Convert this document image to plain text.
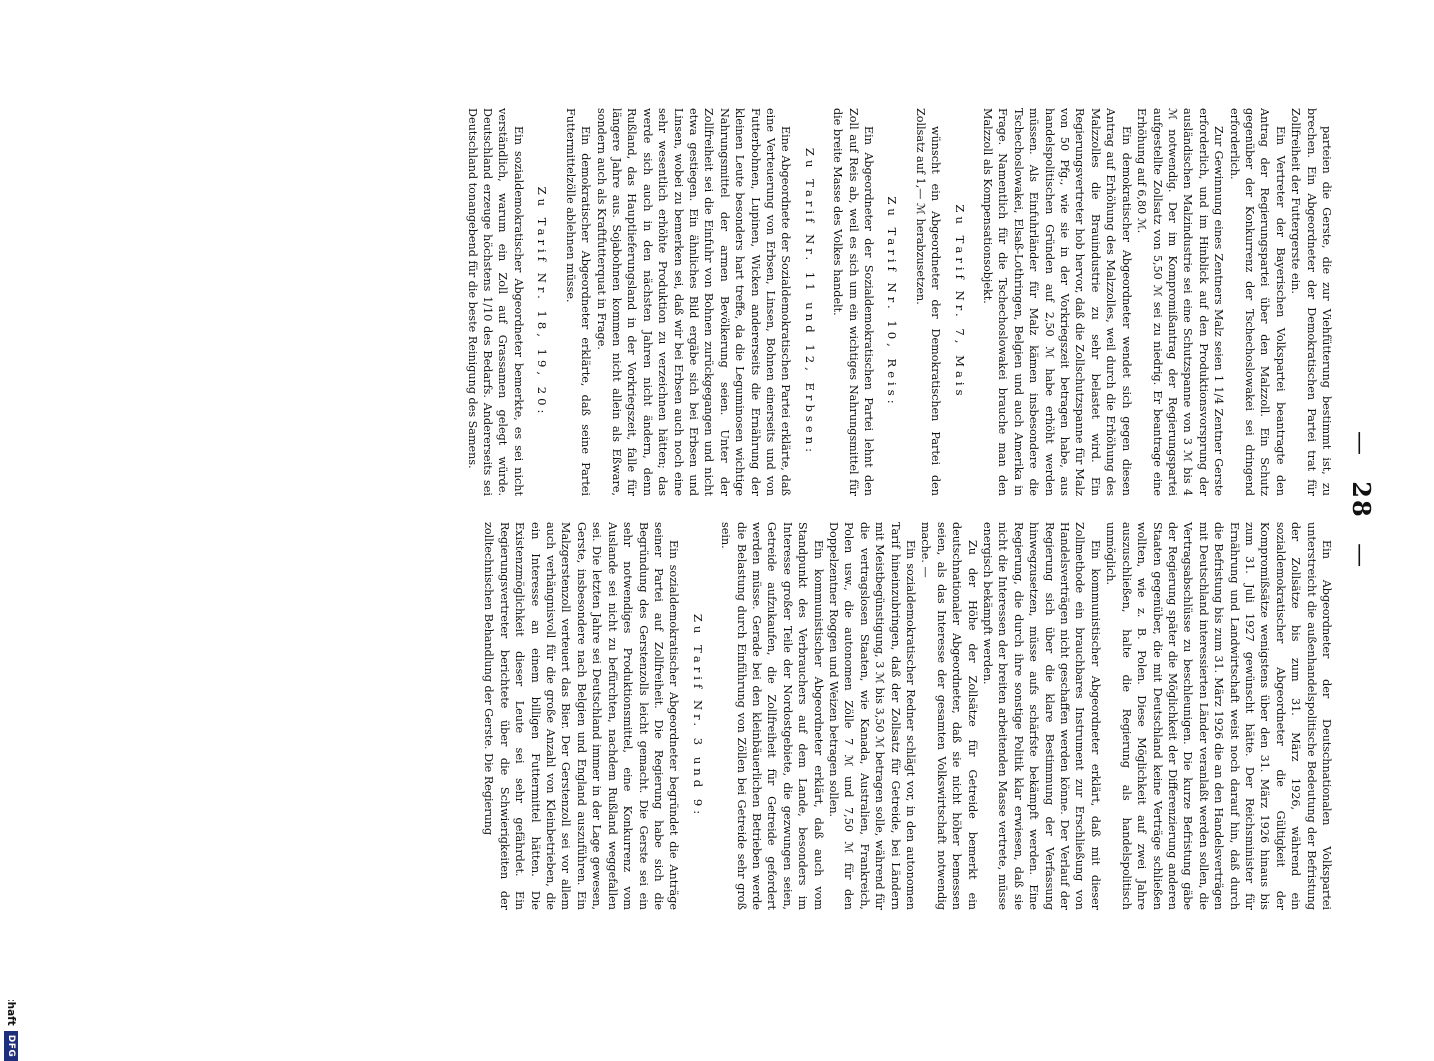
DFG
— 28 —

parteien die Gerste, die zur Viehfütterung bestimmt ist, zu brechen. Ein Abgeordneter der Demokratischen Partei trat für Zollfreiheit der Futtergerste ein.

Ein Vertreter der Bayerischen Volkspartei beantragte den Antrag der Regierungspartei über den Malzzoll. Ein Schutz gegenüber der Konkurrenz der Tschechoslowakei sei dringend erforderlich.

Zur Gewinnung eines Zentners Malz seien 1 1/4 Zentner Gerste erforderlich, und im Hinblick auf den Produktionsvorsprung der ausländischen Malzindustrie sei eine Schutzspanne von 3 ℳ bis 4 ℳ notwendig. Der im Kompromißantrag der Regierungspartei aufgestellte Zollsatz von 5,50 ℳ sei zu niedrig. Er beantrage eine Erhöhung auf 6,80 ℳ.

Ein demokratischer Abgeordneter wendet sich gegen diesen Antrag auf Erhöhung des Malzzolles, weil durch die Erhöhung des Malzzolles die Brauindustrie zu sehr belastet wird. Ein Regierungsvertreter hob hervor, daß die Zollschutzspanne für Malz von 50 Pfg., wie sie in der Vorkriegszeit betragen habe, aus handelspolitischen Gründen auf 2,50 ℳ habe erhöht werden müssen. Als Einfuhrländer für Malz kämen insbesondere die Tschechoslowakei, Elsaß-Lothringen, Belgien und auch Amerika in Frage. Namentlich für die Tschechoslowakei brauche man den Malzzoll als Kompensationsobjekt.

Zu Tarif Nr. 7, Mais

wünscht ein Abgeordneter der Demokratischen Partei den Zollsatz auf 1,— ℳ herabzusetzen.

Zu Tarif Nr. 10, Reis:

Ein Abgeordneter der Sozialdemokratischen Partei lehnt den Zoll auf Reis ab, weil es sich um ein wichtiges Nahrungsmittel für die breite Masse des Volkes handelt.

Zu Tarif Nr. 11 und 12, Erbsen:

Eine Abgeordnete der Sozialdemokratischen Partei erklärte, daß eine Verteuerung von Erbsen, Linsen, Bohnen einerseits und von Futterbohnen, Lupinen, Wicken andererseits die Ernährung der kleinen Leute besonders hart treffe, da die Leguminosen wichtige Nahrungsmittel der armen Bevölkerung seien. Unter der Zollfreiheit sei die Einfuhr von Bohnen zurückgegangen und nicht etwa gestiegen. Ein ähnliches Bild ergäbe sich bei Erbsen und Linsen, wobei zu bemerken sei, daß wir bei Erbsen auch noch eine sehr wesentlich erhöhte Produktion zu verzeichnen hätten; das werde sich auch in den nächsten Jahren nicht ändern, denn Rußland, das Hauptlieferungsland in der Vorkriegszeit, falle für längere Jahre aus. Sojabohnen kommen nicht allein als Eßware, sondern auch als Kraftfutterquat in Frage.

Ein demokratischer Abgeordneter erklärte, daß seine Partei Futtermittelzölle ablehnen müsse.

Zu Tarif Nr. 18, 19, 20:

Ein sozialdemokratischer Abgeordneter bemerkte, es sei nicht verständlich, warum ein Zoll auf Grassamen gelegt würde. Deutschland erzeuge höchstens 1/10 des Bedarfs. Andererseits sei Deutschland tonangebend für die beste Reinigung des Samens.

Ein Abgeordneter der Deutschnationalen Volkspartei unterstreicht die außenhandelspolitische Bedeutung der Befristung der Zollsätze bis zum 31. März 1926, während ein sozialdemokratischer Abgeordneter die Gültigkeit der Kompromißsätze wenigstens über den 31. März 1926 hinaus bis zum 31. Juli 1927 gewünscht hätte. Der Reichsminister für Ernährung und Landwirtschaft weist noch darauf hin, daß durch die Befristung bis zum 31. März 1926 die an den Handelsverträgen mit Deutschland interessierten Länder veranlaßt werden sollen, die Vertragsabschlüsse zu beschleunigen. Die kurze Befristung gäbe der Regierung später die Möglichkeit der Differenzierung anderen Staaten gegenüber, die mit Deutschland keine Verträge schließen wollten, wie z. B. Polen. Diese Möglichkeit auf zwei Jahre auszuschließen, halte die Regierung als handelspolitisch unmöglich.

Ein kommunistischer Abgeordneter erklärt, daß mit dieser Zollmethode ein brauchbares Instrument zur Erschließung von Handelsverträgen nicht geschaffen werden könne. Der Verlauf der Regierung sich über die klare Bestimmung der Verfassung hinwegzusetzen, müsse aufs schärfste bekämpft werden. Eine Regierung, die durch ihre sonstige Politik klar erwiesen, daß sie nicht die Interessen der breiten arbeitenden Masse vertrete, müsse energisch bekämpft werden.

Zu der Höhe der Zollsätze für Getreide bemerkt ein deutschnationaler Abgeordneter, daß sie nicht höher bemessen seien, als das Interesse der gesamten Volkswirtschaft notwendig mache. —

Ein sozialdemokratischer Redner schlägt vor, in den autonomen Tarif hineinzubringen, daß der Zollsatz für Getreide, bei Ländern mit Meistbegünstigung, 3 ℳ bis 3,50 ℳ betragen solle, während für die vertragslosen Staaten, wie Kanada, Australien, Frankreich, Polen usw., die autonomen Zölle 7 ℳ und 7,50 ℳ für den Doppelzentner Roggen und Weizen betragen sollen.

Ein kommunistischer Abgeordneter erklärt, daß auch vom Standpunkt des Verbrauchers auf dem Lande, besonders im Interesse großer Teile der Nordostgebiete, die gezwungen seien, Getreide aufzukaufen, die Zollfreiheit für Getreide gefordert werden müsse. Gerade bei den kleinbäuerlichen Betrieben werde die Belastung durch Einführung von Zöllen bei Getreide sehr groß sein.

Zu Tarif Nr. 3 und 9:

Ein sozialdemokratischer Abgeordneter begründet die Anträge seiner Partei auf Zollfreiheit. Die Regierung habe sich die Begründung des Gerstenzolls leicht gemacht. Die Gerste sei ein sehr notwendiges Produktionsmittel, eine Konkurrenz vom Auslande sei nicht zu befürchten, nachdem Rußland weggefallen sei. Die letzten Jahre sei Deutschland immer in der Lage gewesen, Gerste, insbesondere nach Belgien und England auszuführen. Ein Malzgerstenzoll verteuert das Bier. Der Gerstenzoll sei vor allem auch verhängnisvoll für die große Anzahl von Kleinbetrieben, die ein Interesse an einem billigen Futtermittel hätten. Die Existenzmöglichkeit dieser Leute sei sehr gefährdet. Ein Regierungsvertreter berichtete über die Schwierigkeiten der zolltechnischen Behandlung der Gerste. Die Regierung
